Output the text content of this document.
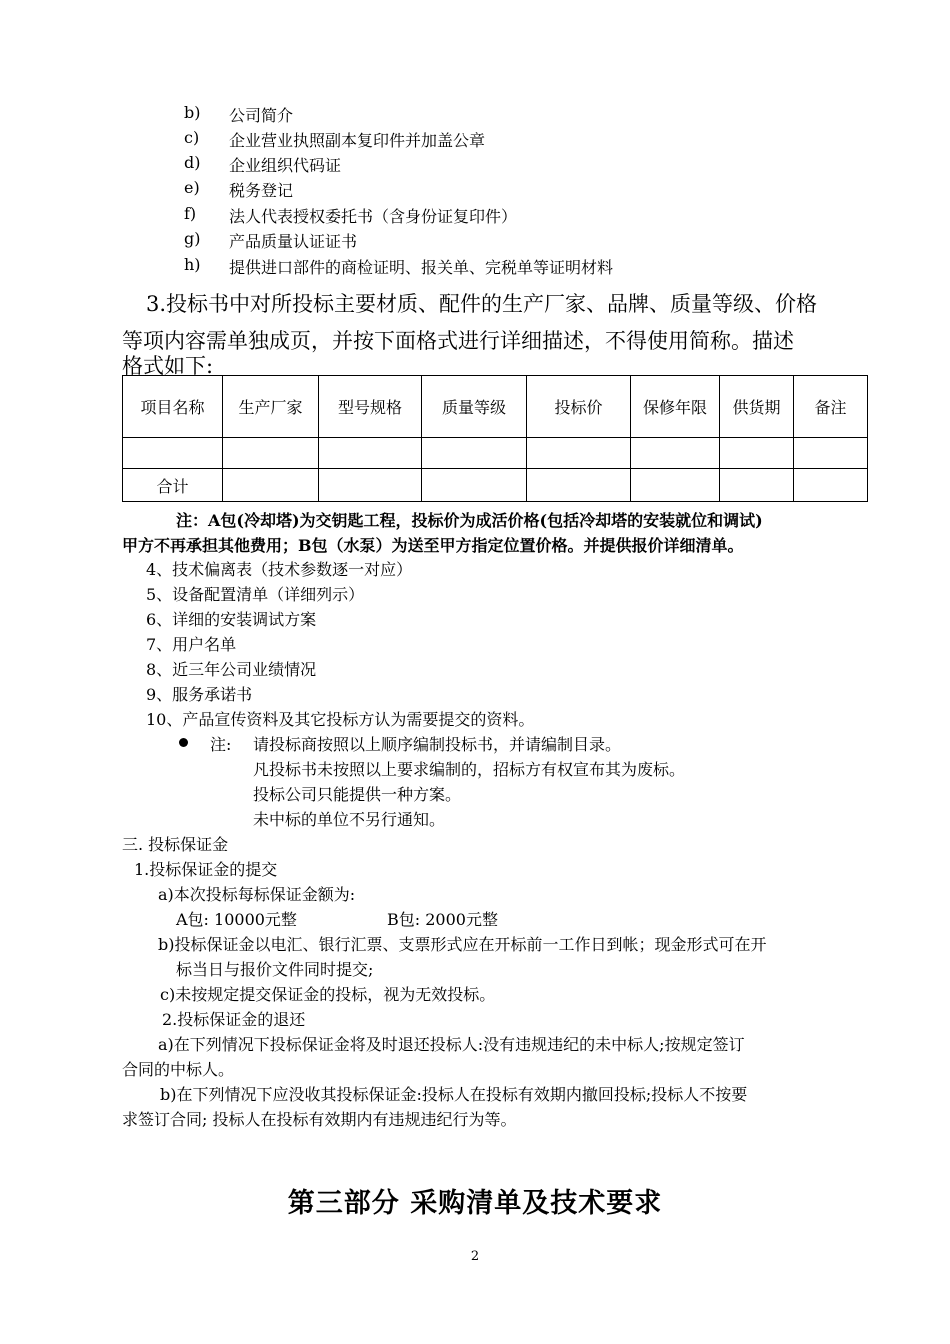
b) 公司简介
c) 企业营业执照副本复印件并加盖公章
d) 企业组织代码证
e) 税务登记
f) 法人代表授权委托书（含身份证复印件）
g) 产品质量认证证书
h) 提供进口部件的商检证明、报关单、完税单等证明材料
3.投标书中对所投标主要材质、配件的生产厂家、品牌、质量等级、价格
等项内容需单独成页，并按下面格式进行详细描述，不得使用简称。描述
格式如下:
项目名称	生产厂家	型号规格	质量等级	投标价	保修年限	供货期	备注

合计							
注：A包(冷却塔)为交钥匙工程，投标价为成活价格(包括冷却塔的安装就位和调试)
甲方不再承担其他费用；B包（水泵）为送至甲方指定位置价格。并提供报价详细清单。
4、技术偏离表（技术参数逐一对应）
5、设备配置清单（详细列示）
6、详细的安装调试方案
7、用户名单
8、近三年公司业绩情况
9、服务承诺书
10、产品宣传资料及其它投标方认为需要提交的资料。
注: 请投标商按照以上顺序编制投标书，并请编制目录。
凡投标书未按照以上要求编制的，招标方有权宣布其为废标。
投标公司只能提供一种方案。
未中标的单位不另行通知。
三. 投标保证金
1.投标保证金的提交
a)本次投标每标保证金额为:
A包: 10000元整	B包: 2000元整
b)投标保证金以电汇、银行汇票、支票形式应在开标前一工作日到帐；现金形式可在开
标当日与报价文件同时提交;
c)未按规定提交保证金的投标，视为无效投标。
2.投标保证金的退还
a)在下列情况下投标保证金将及时退还投标人:没有违规违纪的未中标人;按规定签订
合同的中标人。
b)在下列情况下应没收其投标保证金:投标人在投标有效期内撤回投标;投标人不按要
求签订合同; 投标人在投标有效期内有违规违纪行为等。
第三部分 采购清单及技术要求
2
